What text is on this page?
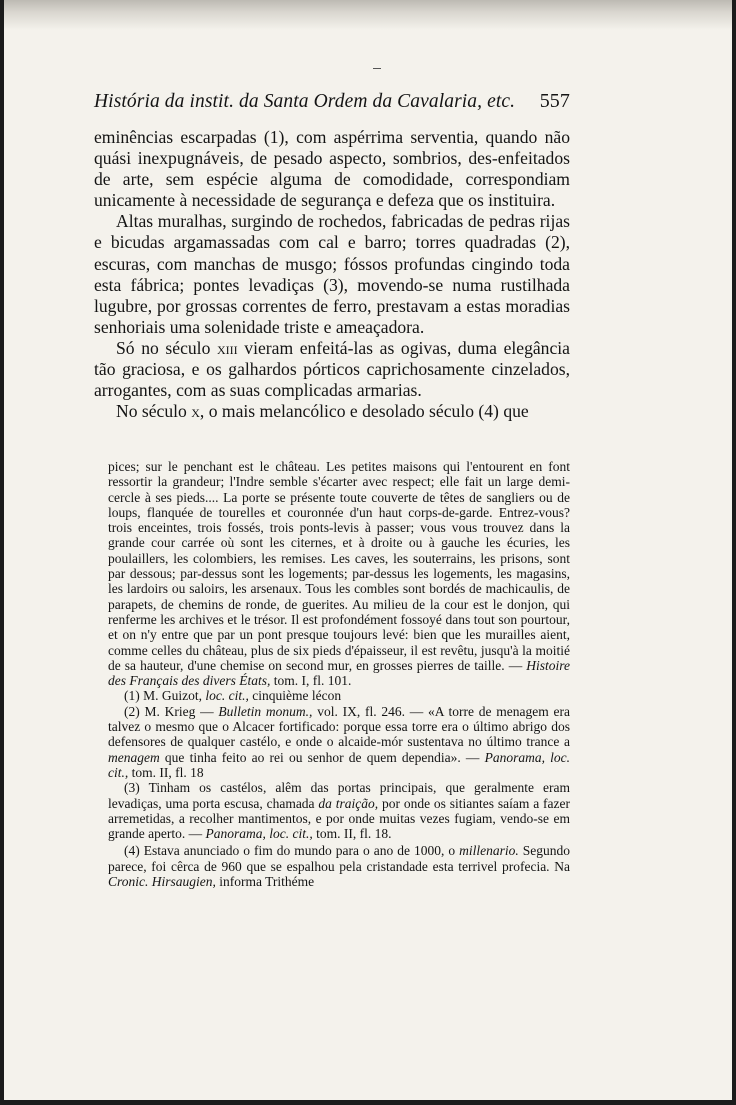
História da instit. da Santa Ordem da Cavalaria, etc. 557

eminências escarpadas (1), com aspérrima serventia, quando não quási inexpugnáveis, de pesado aspecto, sombrios, des-enfeitados de arte, sem espécie alguma de comodidade, correspondiam unicamente à necessidade de segurança e defeza que os instituira.

Altas muralhas, surgindo de rochedos, fabricadas de pedras rijas e bicudas argamassadas com cal e barro; torres quadradas (2), escuras, com manchas de musgo; fóssos profundas cingindo toda esta fábrica; pontes levadiças (3), movendo-se numa rustilhada lugubre, por grossas correntes de ferro, prestavam a estas moradias senhoriais uma solenidade triste e ameaçadora.

Só no século xiii vieram enfeitá-las as ogivas, duma elegância tão graciosa, e os galhardos pórticos caprichosamente cinzelados, arrogantes, com as suas complicadas armarias.

No século x, o mais melancólico e desolado século (4) que

pices; sur le penchant est le château. Les petites maisons qui l'entourent en font ressortir la grandeur; l'Indre semble s'écarter avec respect; elle fait un large demi-cercle à ses pieds.... La porte se présente toute couverte de têtes de sangliers ou de loups, flanquée de tourelles et couronnée d'un haut corps-de-garde. Entrez-vous? trois enceintes, trois fossés, trois ponts-levis à passer; vous vous trouvez dans la grande cour carrée où sont les citernes, et à droite ou à gauche les écuries, les poulaillers, les colombiers, les remises. Les caves, les souterrains, les prisons, sont par dessous; par-dessus sont les logements; par-dessus les logements, les magasins, les lardoirs ou saloirs, les arsenaux. Tous les combles sont bordés de machicaulis, de parapets, de chemins de ronde, de guerites. Au milieu de la cour est le donjon, qui renferme les archives et le trésor. Il est profondément fossoyé dans tout son pourtour, et on n'y entre que par un pont presque toujours levé: bien que les murailles aient, comme celles du château, plus de six pieds d'épaisseur, il est revêtu, jusqu'à la moitié de sa hauteur, d'une chemise on second mur, en grosses pierres de taille. — Histoire des Français des divers États, tom. I, fl. 101.

(1) M. Guizot, loc. cit., cinquième lécon

(2) M. Krieg — Bulletin monum., vol. IX, fl. 246. — «A torre de menagem era talvez o mesmo que o Alcacer fortificado: porque essa torre era o último abrigo dos defensores de qualquer castélo, e onde o alcaide-mór sustentava no último trance a menagem que tinha feito ao rei ou senhor de quem dependia». — Panorama, loc. cit., tom. II, fl. 18

(3) Tinham os castélos, alêm das portas principais, que geralmente eram levadiças, uma porta escusa, chamada da traição, por onde os sitiantes saíam a fazer arremetidas, a recolher mantimentos, e por onde muitas vezes fugiam, vendo-se em grande aperto. — Panorama, loc. cit., tom. II, fl. 18.

(4) Estava anunciado o fim do mundo para o ano de 1000, o millenario. Segundo parece, foi cêrca de 960 que se espalhou pela cristandade esta terrivel profecia. Na Cronic. Hirsaugien, informa Trithéme
